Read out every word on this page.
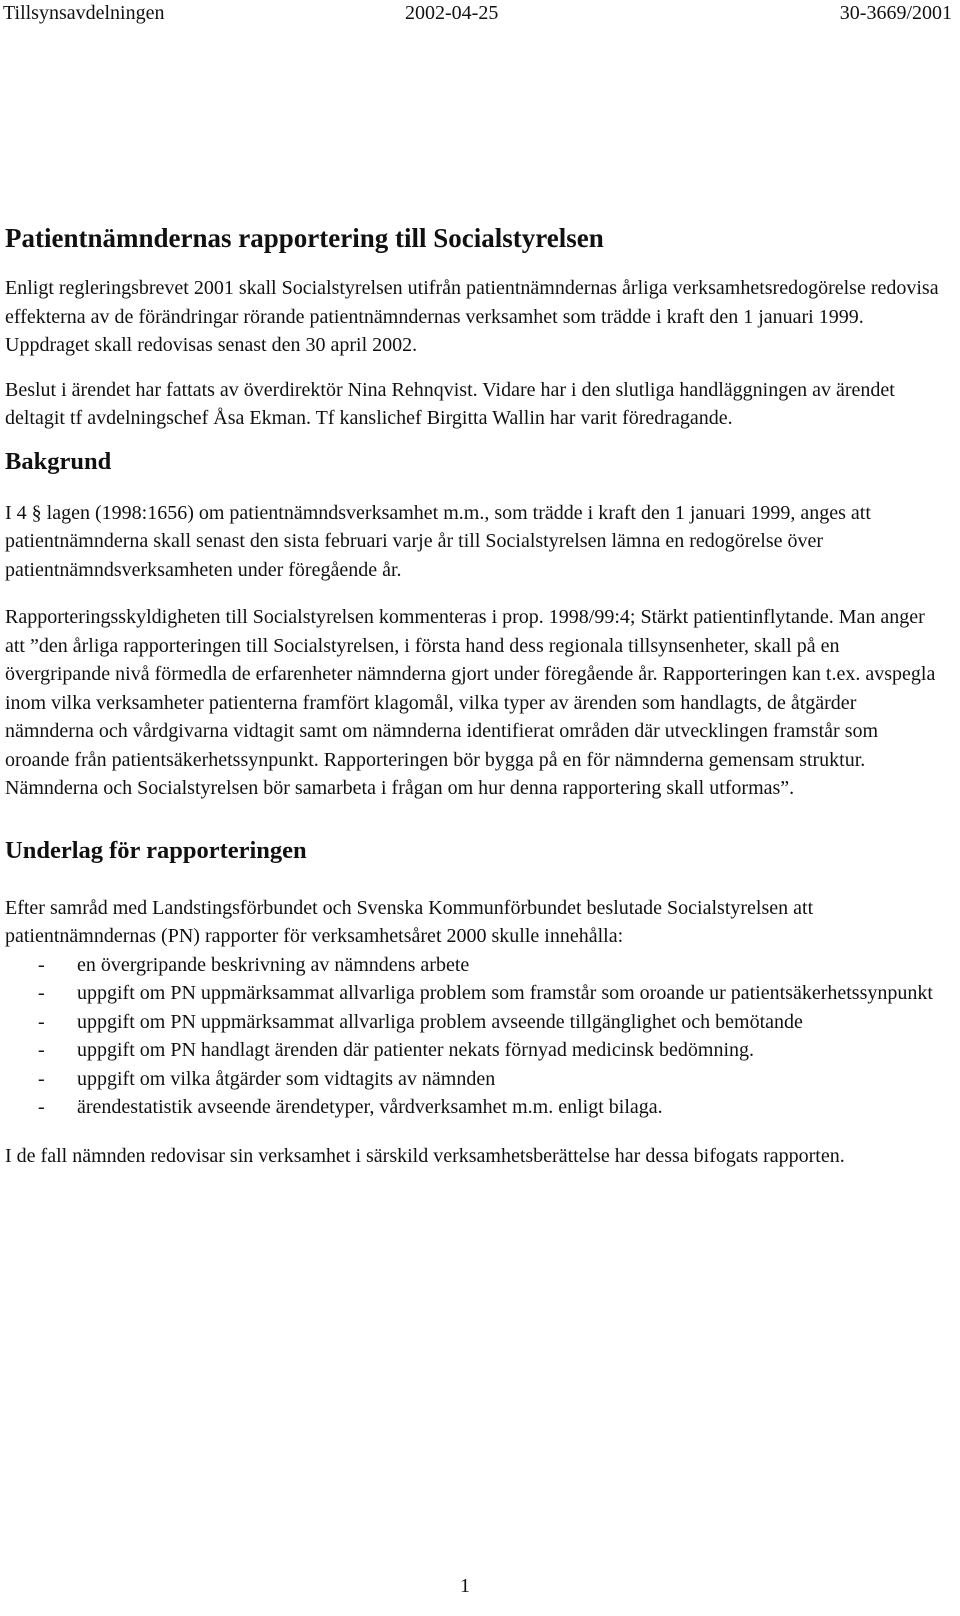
Tillsynsavdelningen	2002-04-25	30-3669/2001
Patientnämndernas rapportering till Socialstyrelsen

Enligt regleringsbrevet 2001 skall Socialstyrelsen utifrån patientnämndernas årliga verksamhetsredogörelse redovisa effekterna av de förändringar rörande patientnämndernas verksamhet som trädde i kraft den 1 januari 1999. Uppdraget skall redovisas senast den 30 april 2002.

Beslut i ärendet har fattats av överdirektör Nina Rehnqvist. Vidare har i den slutliga handläggningen av ärendet deltagit tf avdelningschef Åsa Ekman. Tf kanslichef Birgitta Wallin har varit föredragande.

Bakgrund

I 4 § lagen (1998:1656) om patientnämndsverksamhet m.m., som trädde i kraft den 1 januari 1999, anges att patientnämnderna skall senast den sista februari varje år till Socialstyrelsen lämna en redogörelse över patientnämndsverksamheten under föregående år.

Rapporteringsskyldigheten till Socialstyrelsen kommenteras i prop. 1998/99:4; Stärkt patientinflytande. Man anger att ”den årliga rapporteringen till Socialstyrelsen, i första hand dess regionala tillsynsenheter, skall på en övergripande nivå förmedla de erfarenheter nämnderna gjort under föregående år. Rapporteringen kan t.ex. avspegla inom vilka verksamheter patienterna framfört klagomål, vilka typer av ärenden som handlagts, de åtgärder nämnderna och vårdgivarna vidtagit samt om nämnderna identifierat områden där utvecklingen framstår som oroande från patientsäkerhetssynpunkt. Rapporteringen bör bygga på en för nämnderna gemensam struktur. Nämnderna och Socialstyrelsen bör samarbeta i frågan om hur denna rapportering skall utformas”.

Underlag för rapporteringen

Efter samråd med Landstingsförbundet och Svenska Kommunförbundet beslutade Socialstyrelsen att patientnämndernas (PN) rapporter för verksamhetsåret 2000 skulle innehålla:

- en övergripande beskrivning av nämndens arbete
- uppgift om PN uppmärksammat allvarliga problem som framstår som oroande ur patientsäkerhetssynpunkt
- uppgift om PN uppmärksammat allvarliga problem avseende tillgänglighet och bemötande
- uppgift om PN handlagt ärenden där patienter nekats förnyad medicinsk bedömning.
- uppgift om vilka åtgärder som vidtagits av nämnden
- ärendestatistik avseende ärendetyper, vårdverksamhet m.m. enligt bilaga.

I de fall nämnden redovisar sin verksamhet i särskild verksamhetsberättelse har dessa bifogats rapporten.

1
